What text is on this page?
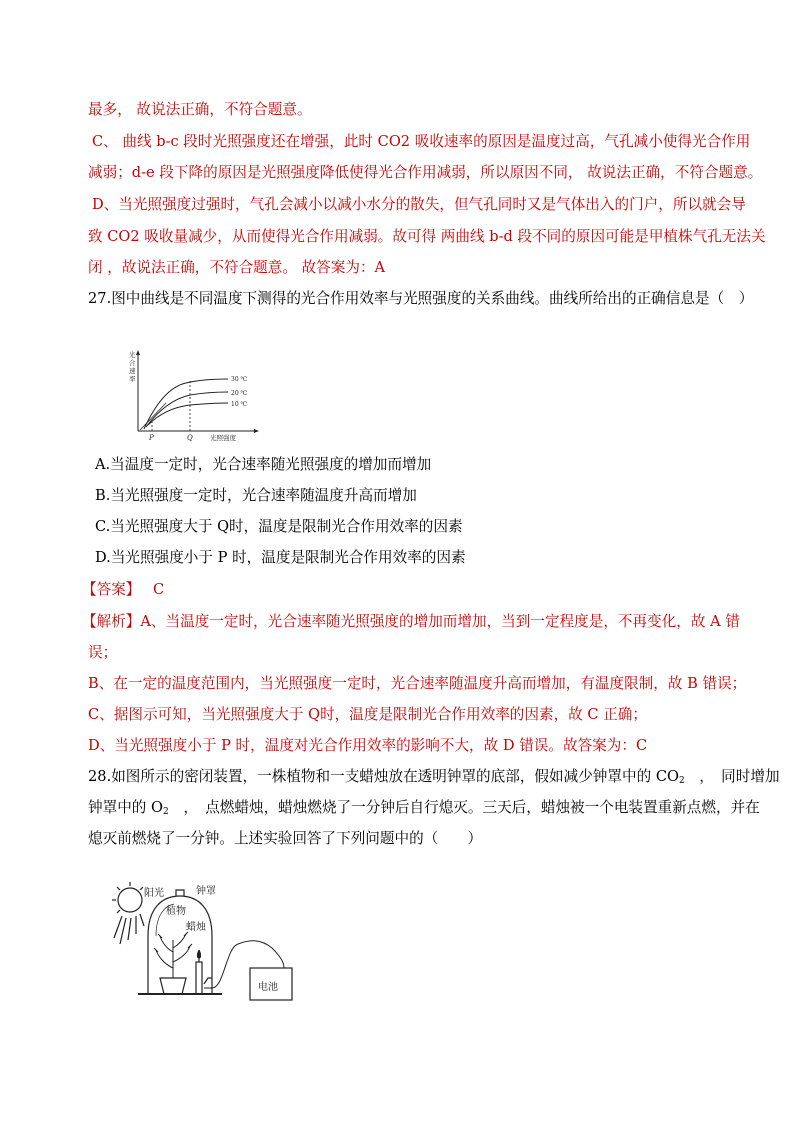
最多， 故说法正确，不符合题意。
C、 曲线 b-c 段时光照强度还在增强，此时 CO2 吸收速率的原因是温度过高，气孔减小使得光合作用
减弱；d-e 段下降的原因是光照强度降低使得光合作用减弱，所以原因不同， 故说法正确，不符合题意。
D、当光照强度过强时，气孔会减小以减小水分的散失，但气孔同时又是气体出入的门户，所以就会导
致 CO2 吸收量减少，从而使得光合作用减弱。故可得 两曲线 b-d 段不同的原因可能是甲植株气孔无法关
闭 ，故说法正确，不符合题意。 故答案为：A
27.图中曲线是不同温度下测得的光合作用效率与光照强度的关系曲线。曲线所给出的正确信息是（　）
光 合 速 率	30 ℃
20 ℃
10 ℃
P	Q	光照强度
A.当温度一定时，光合速率随光照强度的增加而增加
B.当光照强度一定时，光合速率随温度升高而增加
C.当光照强度大于 Q时，温度是限制光合作用效率的因素
D.当光照强度小于 P 时，温度是限制光合作用效率的因素
【答案】 C
【解析】A、当温度一定时，光合速率随光照强度的增加而增加，当到一定程度是，不再变化，故 A 错
误；
B、在一定的温度范围内，当光照强度一定时，光合速率随温度升高而增加，有温度限制，故 B 错误；
C、据图示可知，当光照强度大于 Q时，温度是限制光合作用效率的因素，故 C 正确；
D、当光照强度小于 P 时，温度对光合作用效率的影响不大，故 D 错误。故答案为：C
28.如图所示的密闭装置，一株植物和一支蜡烛放在透明钟罩的底部，假如减少钟罩中的 $CO_2$　，　同时增加
钟罩中的 $O_2$　，　点燃蜡烛，蜡烛燃烧了一分钟后自行熄灭。三天后，蜡烛被一个电装置重新点燃，并在
熄灭前燃烧了一分钟。上述实验回答了下列问题中的（　　）
阳光	钟罩
植物
蜡烛
电池
